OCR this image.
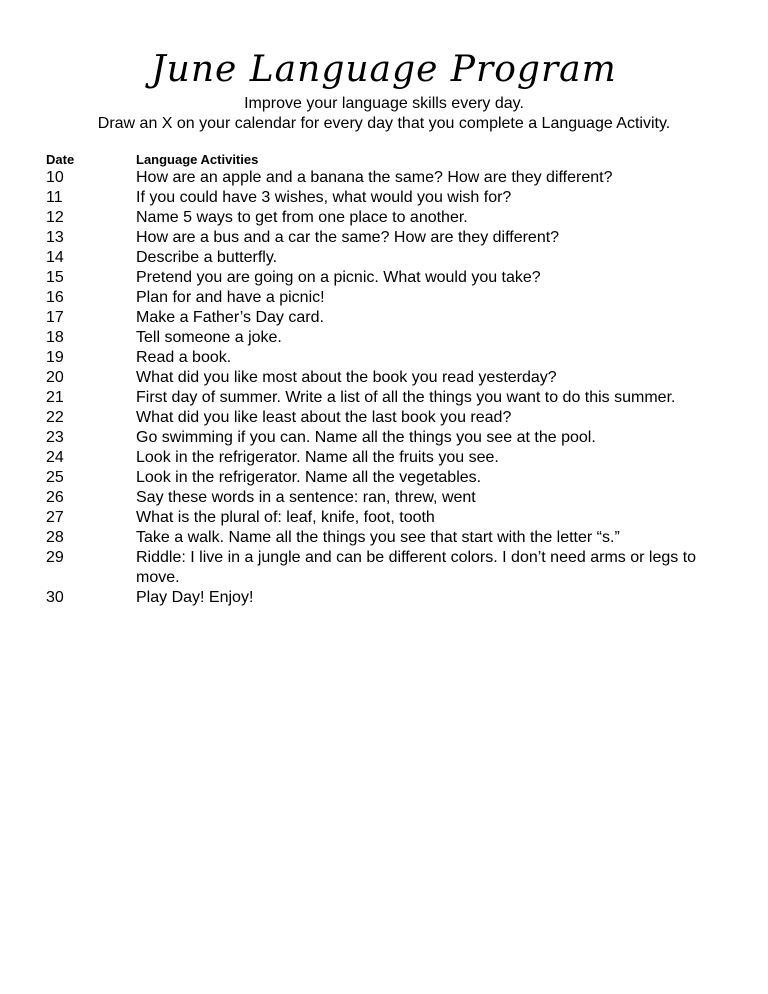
June Language Program
Improve your language skills every day.
Draw an X on your calendar for every day that you complete a Language Activity.
Date	Language Activities
10	How are an apple and a banana the same? How are they different?
11	If you could have 3 wishes, what would you wish for?
12	Name 5 ways to get from one place to another.
13	How are a bus and a car the same? How are they different?
14	Describe a butterfly.
15	Pretend you are going on a picnic. What would you take?
16	Plan for and have a picnic!
17	Make a Father’s Day card.
18	Tell someone a joke.
19	Read a book.
20	What did you like most about the book you read yesterday?
21	First day of summer. Write a list of all the things you want to do this summer.
22	What did you like least about the last book you read?
23	Go swimming if you can. Name all the things you see at the pool.
24	Look in the refrigerator. Name all the fruits you see.
25	Look in the refrigerator. Name all the vegetables.
26	Say these words in a sentence: ran, threw, went
27	What is the plural of: leaf, knife, foot, tooth
28	Take a walk. Name all the things you see that start with the letter “s.”
29	Riddle: I live in a jungle and can be different colors. I don’t need arms or legs to move.
30	Play Day! Enjoy!
